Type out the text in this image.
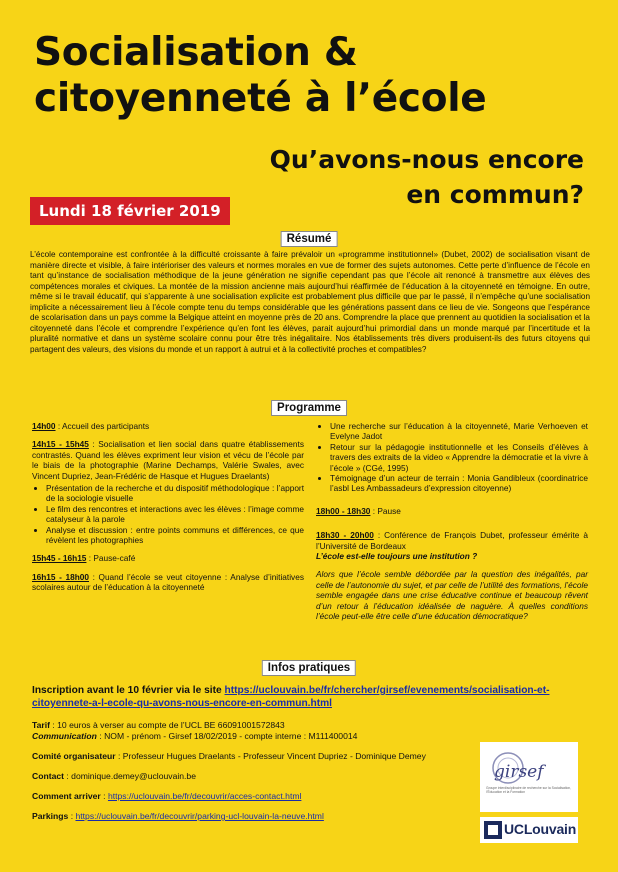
Socialisation &
citoyenneté à l’école
Qu’avons-nous encore
en commun?
Lundi 18 février 2019
Résumé
L’école contemporaine est confrontée à la difficulté croissante à faire prévaloir un «programme institutionnel» (Dubet, 2002) de socialisation visant de manière directe et visible, à faire intérioriser des valeurs et normes morales en vue de former des sujets autonomes. Cette perte d’influence de l’école en tant qu’instance de socialisation méthodique de la jeune génération ne signifie cependant pas que l’école ait renoncé à transmettre aux élèves des compétences morales et civiques. La montée de la mission ancienne mais aujourd’hui réaffirmée de l’éducation à la citoyenneté en témoigne. En outre, même si le travail éducatif, qui s’apparente à une socialisation explicite est probablement plus difficile que par le passé, il n’empêche qu’une socialisation implicite a nécessairement lieu à l’école compte tenu du temps considérable que les générations passent dans ce lieu de vie. Songeons que l’espérance de scolarisation dans un pays comme la Belgique atteint en moyenne près de 20 ans. Comprendre la place que prennent au quotidien la socialisation et la citoyenneté dans l’école et comprendre l’expérience qu’en font les élèves, parait aujourd’hui primordial dans un monde marqué par l’incertitude et la pluralité normative et dans un système scolaire connu pour être très inégalitaire. Nos établissements très divers produisent-ils des futurs citoyens qui partagent des valeurs, des visions du monde et un rapport à autrui et à la collectivité proches et compatibles?
Programme

14h00 : Accueil des participants

14h15 - 15h45 : Socialisation et lien social dans quatre établissements contrastés. Quand les élèves expriment leur vision et vécu de l’école par le biais de la photographie (Marine Dechamps, Valérie Swales, avec Vincent Dupriez, Jean-Frédéric de Hasque et Hugues Draelants)

• Présentation de la recherche et du dispositif méthodologique : l’apport de la sociologie visuelle
• Le film des rencontres et interactions avec les élèves : l’image comme catalyseur à la parole
• Analyse et discussion : entre points communs et différences, ce que révèlent les photographies

15h45 - 16h15 : Pause-café

16h15 - 18h00 : Quand l’école se veut citoyenne : Analyse d’initiatives scolaires autour de l’éducation à la citoyenneté

• Une recherche sur l’éducation à la citoyenneté, Marie Verhoeven et Evelyne Jadot
• Retour sur la pédagogie institutionnelle et les Conseils d’élèves à travers des extraits de la video « Apprendre la démocratie et la vivre à l’école » (CGé, 1995)
• Témoignage d’un acteur de terrain : Monia Gandibleux (coordinatrice l’asbl Les Ambassadeurs d’expression citoyenne)

18h00 - 18h30 : Pause

18h30 - 20h00 : Conférence de François Dubet, professeur émérite à l’Université de Bordeaux

L’école est-elle toujours une institution ?

Alors que l’école semble débordée par la question des inégalités, par celle de l’autonomie du sujet, et par celle de l’utilité des formations, l’école semble engagée dans une crise éducative continue et beaucoup rêvent d’un retour à l’éducation idéalisée de naguère. À quelles conditions l’école peut-elle être celle d’une éducation démocratique?

Infos pratiques
Inscription avant le 10 février via le site https://uclouvain.be/fr/chercher/girsef/evenements/socialisation-et-citoyennete-a-l-ecole-qu-avons-nous-encore-en-commun.html

Tarif : 10 euros à verser au compte de l’UCL BE 66091001572843
Communication : NOM - prénom - Girsef 18/02/2019 - compte interne : M111400014

Comité organisateur : Professeur Hugues Draelants - Professeur Vincent Dupriez - Dominique Demey

Contact : dominique.demey@uclouvain.be

Comment arriver : https://uclouvain.be/fr/decouvrir/acces-contact.html

Parkings : https://uclouvain.be/fr/decouvrir/parking-ucl-louvain-la-neuve.html

girsef
Groupe interdisciplinaire de recherche sur la Socialisation, l’Éducation et la Formation
UCLouvain
